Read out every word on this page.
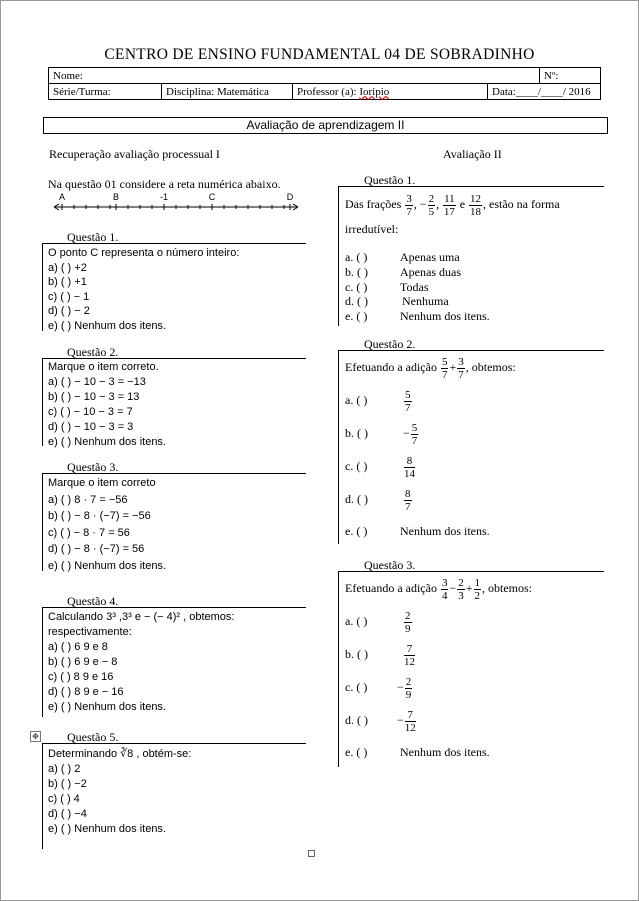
CENTRO DE ENSINO FUNDAMENTAL 04 DE SOBRADINHO
Nome:				Nº:
Série/Turma:	Disciplina: Matemática	Professor (a): Ioripio	Data:____/____/ 2016	
Avaliação de aprendizagem II
Recuperação avaliação processual I
Na questão 01 considere a reta numérica abaixo.
A	B	-1	C	D
Questão 1.
O ponto C representa o número inteiro:
a) ( ) +2
b) ( ) +1
c) ( ) − 1
d) ( ) − 2
e) ( ) Nenhum dos itens.
Questão 2.
Marque o item correto.
a) ( ) − 10 − 3 = −13
b) ( ) − 10 − 3 = 13
c) ( ) − 10 − 3 = 7
d) ( ) − 10 − 3 = 3
e) ( ) Nenhum dos itens.
Questão 3.
Marque o item correto
a) ( ) 8 · 7 = −56
b) ( ) − 8 · (−7) = −56
c) ( ) − 8 · 7 = 56
d) ( ) − 8 · (−7) = 56
e) ( ) Nenhum dos itens.
Questão 4.
Calculando 3³ ,3³ e − (− 4)² , obtemos:
respectivamente:
a) ( ) 6 9 e 8
b) ( ) 6 9 e − 8
c) ( ) 8 9 e 16
d) ( ) 8 9 e − 16
e) ( ) Nenhum dos itens.
✥ Questão 5.
Determinando ∛8 , obtém-se:
a) ( ) 2
b) ( ) −2
c) ( ) 4
d) ( ) −4
e) ( ) Nenhum dos itens.
Avaliação II
Questão 1.
Das frações $\frac{3}{7}$ , − $\frac{2}{5}$ , $\frac{11}{17}$ e $\frac{12}{18}$ , estão na forma
irredutível:
a. ( )	Apenas uma
b. ( )	Apenas duas
c. ( )	Todas
d. ( )	Nenhuma
e. ( )	Nenhum dos itens.
Questão 2.
Efetuando a adição $\frac{5}{7} + \frac{3}{7}$ , obtemos:
a. ( )	$\frac{5}{7}$
b. ( )	− $\frac{5}{7}$
c. ( )	$\frac{8}{14}$
d. ( )	$\frac{8}{7}$
e. ( )	Nenhum dos itens.
Questão 3.
Efetuando a adição $\frac{3}{4} - \frac{2}{3} + \frac{1}{2}$ , obtemos:
a. ( )	$\frac{2}{9}$
b. ( )	$\frac{7}{12}$
c. ( ) − $\frac{2}{9}$
d. ( ) − $\frac{7}{12}$
e. ( )	Nenhum dos itens.
